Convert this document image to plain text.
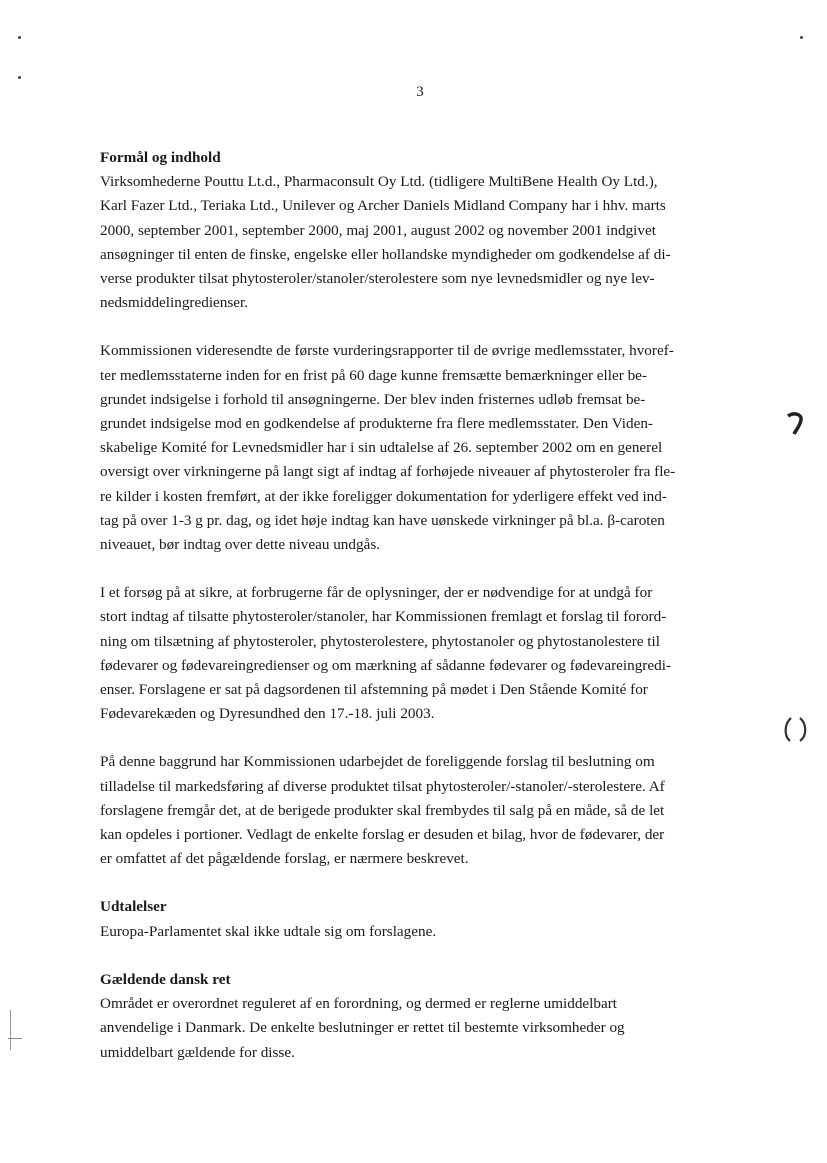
3
Formål og indhold
Virksomhederne Pouttu Lt.d., Pharmaconsult Oy Ltd. (tidligere MultiBene Health Oy Ltd.),
Karl Fazer Ltd., Teriaka Ltd., Unilever og Archer Daniels Midland Company har i hhv. marts
2000, september 2001, september 2000, maj 2001, august 2002 og november 2001 indgivet
ansøgninger til enten de finske, engelske eller hollandske myndigheder om godkendelse af di-
verse produkter tilsat phytosteroler/stanoler/sterolestere som nye levnedsmidler og nye lev-
nedsmiddelingredienser.
Kommissionen videresendte de første vurderingsrapporter til de øvrige medlemsstater, hvoref-
ter medlemsstaterne inden for en frist på 60 dage kunne fremsætte bemærkninger eller be-
grundet indsigelse i forhold til ansøgningerne. Der blev inden fristernes udløb fremsat be-
grundet indsigelse mod en godkendelse af produkterne fra flere medlemsstater. Den Viden-
skabelige Komité for Levnedsmidler har i sin udtalelse af 26. september 2002 om en generel
oversigt over virkningerne på langt sigt af indtag af forhøjede niveauer af phytosteroler fra fle-
re kilder i kosten fremført, at der ikke foreligger dokumentation for yderligere effekt ved ind-
tag på over 1-3 g pr. dag, og idet høje indtag kan have uønskede virkninger på bl.a. β-caroten
niveauet, bør indtag over dette niveau undgås.
I et forsøg på at sikre, at forbrugerne får de oplysninger, der er nødvendige for at undgå for
stort indtag af tilsatte phytosteroler/stanoler, har Kommissionen fremlagt et forslag til forord-
ning om tilsætning af phytosteroler, phytosterolestere, phytostanoler og phytostanolestere til
fødevarer og fødevareingredienser og om mærkning af sådanne fødevarer og fødevareingredi-
enser. Forslagene er sat på dagsordenen til afstemning på mødet i Den Stående Komité for
Fødevarekæden og Dyresundhed den 17.-18. juli 2003.
På denne baggrund har Kommissionen udarbejdet de foreliggende forslag til beslutning om
tilladelse til markedsføring af diverse produktet tilsat phytosteroler/-stanoler/-sterolestere. Af
forslagene fremgår det, at de berigede produkter skal frembydes til salg på en måde, så de let
kan opdeles i portioner. Vedlagt de enkelte forslag er desuden et bilag, hvor de fødevarer, der
er omfattet af det pågældende forslag, er nærmere beskrevet.
Udtalelser
Europa-Parlamentet skal ikke udtale sig om forslagene.
Gældende dansk ret
Området er overordnet reguleret af en forordning, og dermed er reglerne umiddelbart
anvendelige i Danmark. De enkelte beslutninger er rettet til bestemte virksomheder og
umiddelbart gældende for disse.
